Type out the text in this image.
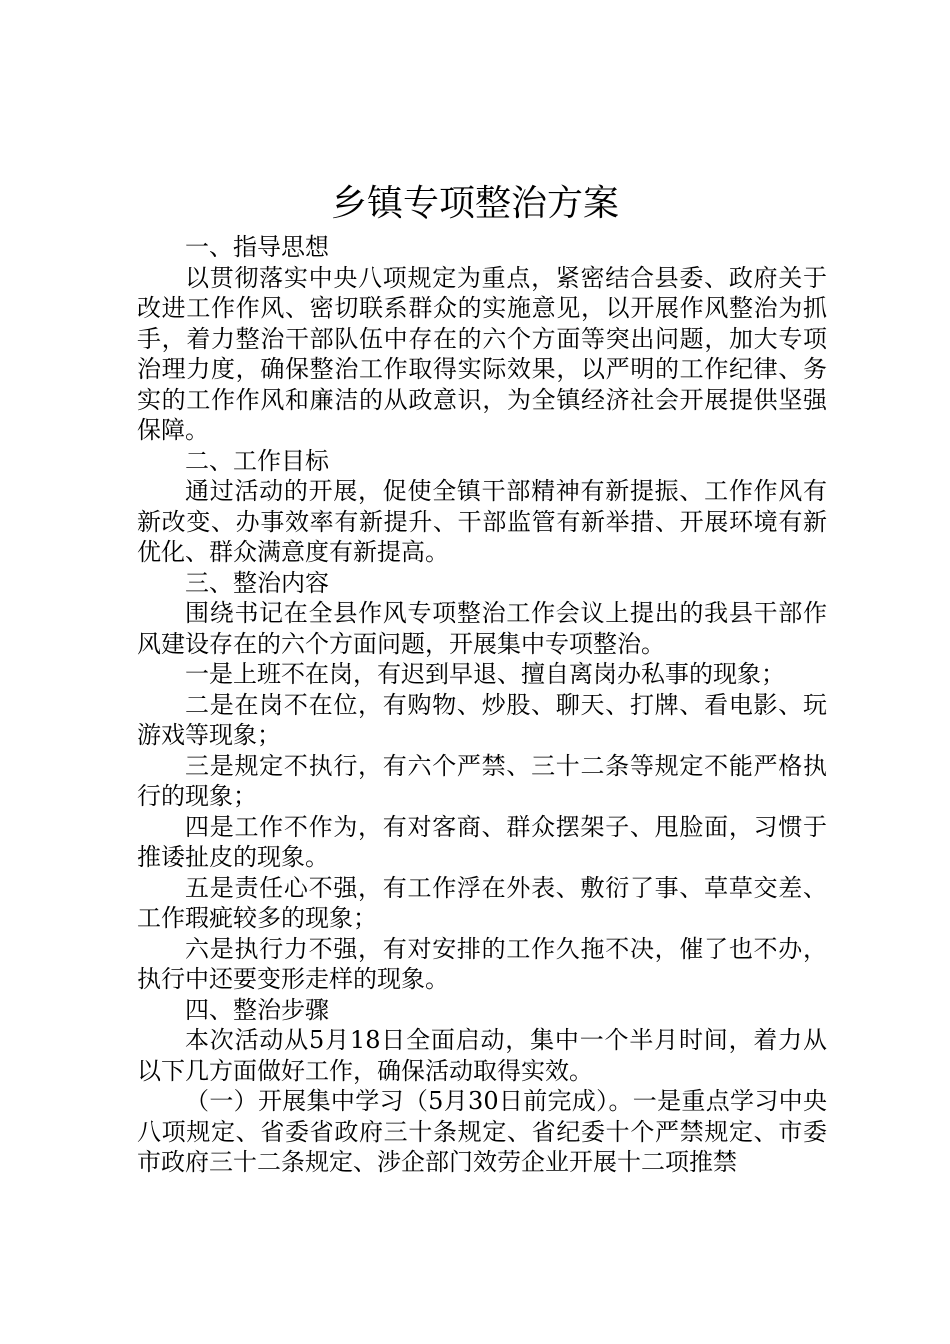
乡镇专项整治方案

一、指导思想

以贯彻落实中央八项规定为重点，紧密结合县委、政府关于改进工作作风、密切联系群众的实施意见，以开展作风整治为抓手，着力整治干部队伍中存在的六个方面等突出问题，加大专项治理力度，确保整治工作取得实际效果，以严明的工作纪律、务实的工作作风和廉洁的从政意识，为全镇经济社会开展提供坚强保障。

二、工作目标

通过活动的开展，促使全镇干部精神有新提振、工作作风有新改变、办事效率有新提升、干部监管有新举措、开展环境有新优化、群众满意度有新提高。

三、整治内容

围绕书记在全县作风专项整治工作会议上提出的我县干部作风建设存在的六个方面问题，开展集中专项整治。

一是上班不在岗，有迟到早退、擅自离岗办私事的现象；

二是在岗不在位，有购物、炒股、聊天、打牌、看电影、玩游戏等现象；

三是规定不执行，有六个严禁、三十二条等规定不能严格执行的现象；

四是工作不作为，有对客商、群众摆架子、甩脸面，习惯于推诿扯皮的现象。

五是责任心不强，有工作浮在外表、敷衍了事、草草交差、工作瑕疵较多的现象；

六是执行力不强，有对安排的工作久拖不决，催了也不办，执行中还要变形走样的现象。

四、整治步骤

本次活动从5月18日全面启动，集中一个半月时间，着力从以下几方面做好工作，确保活动取得实效。

（一）开展集中学习（5月30日前完成）。一是重点学习中央八项规定、省委省政府三十条规定、省纪委十个严禁规定、市委市政府三十二条规定、涉企部门效劳企业开展十二项推禁
